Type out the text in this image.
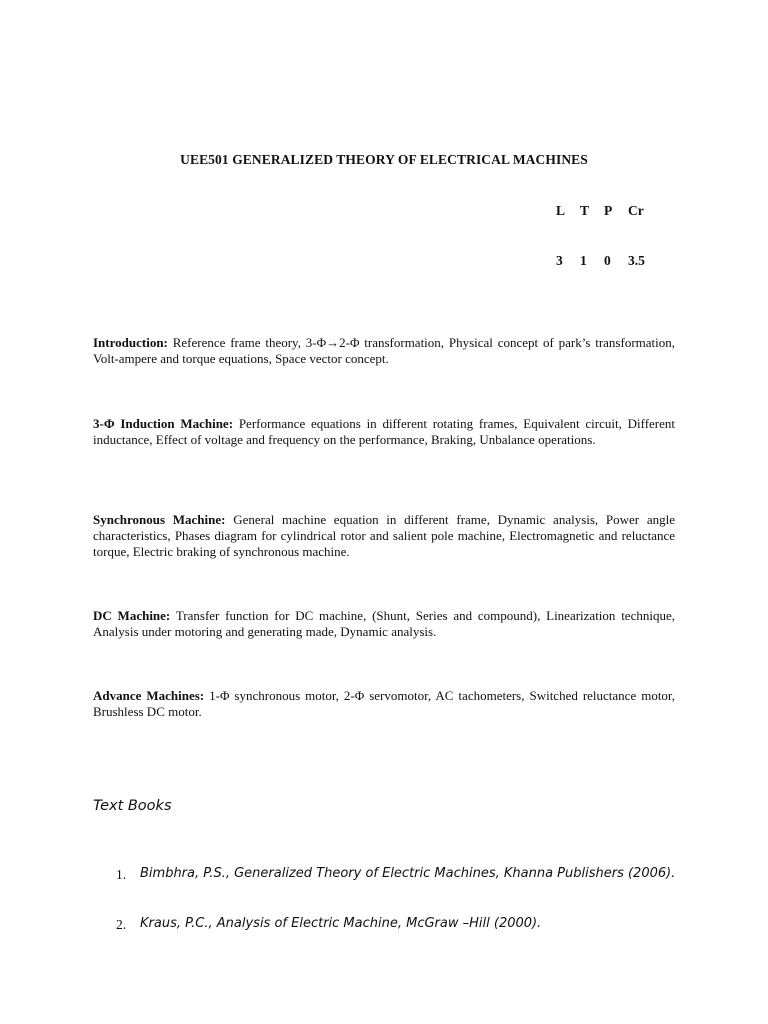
UEE501 GENERALIZED THEORY OF ELECTRICAL MACHINES
L	T	P	Cr
3	1	0	3.5
Introduction: Reference frame theory, 3-Φ→2-Φ transformation, Physical concept of park’s transformation, Volt-ampere and torque equations, Space vector concept.
3-Φ Induction Machine: Performance equations in different rotating frames, Equivalent circuit, Different inductance, Effect of voltage and frequency on the performance, Braking, Unbalance operations.
Synchronous Machine: General machine equation in different frame, Dynamic analysis, Power angle characteristics, Phases diagram for cylindrical rotor and salient pole machine, Electromagnetic and reluctance torque, Electric braking of synchronous machine.
DC Machine: Transfer function for DC machine, (Shunt, Series and compound), Linearization technique, Analysis under motoring and generating made, Dynamic analysis.
Advance Machines: 1-Φ synchronous motor, 2-Φ servomotor, AC tachometers, Switched reluctance motor, Brushless DC motor.
Text Books
1.	Bimbhra, P.S., Generalized Theory of Electric Machines, Khanna Publishers (2006).
2.	Kraus, P.C., Analysis of Electric Machine, McGraw –Hill (2000).
